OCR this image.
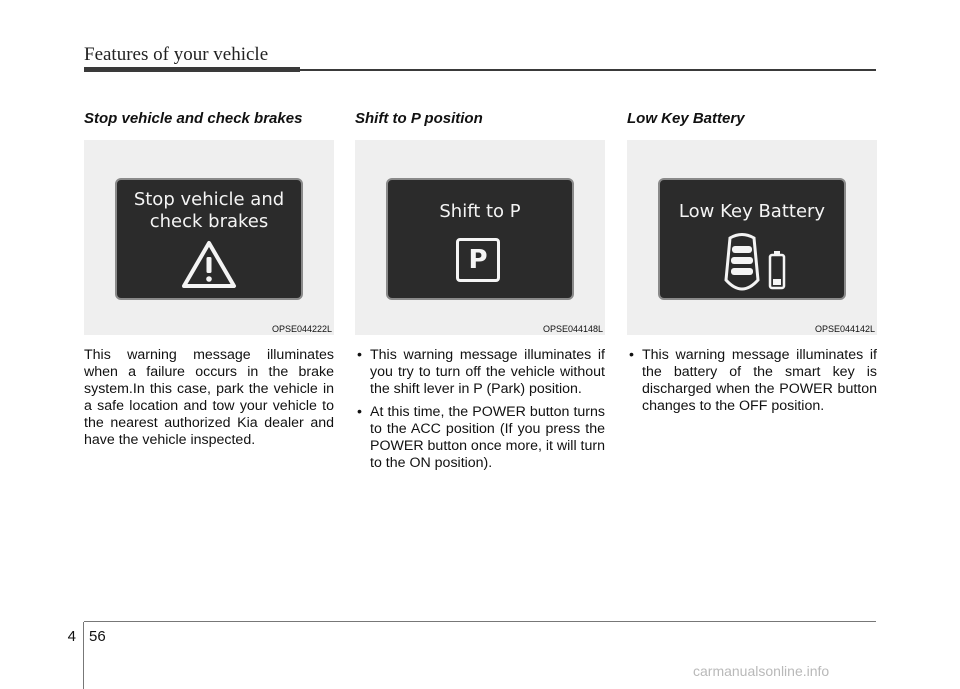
Features of your vehicle
Stop vehicle and check brakes
Stop vehicle and
check brakes
OPSE044222L
This warning message illuminates when a failure occurs in the brake system.In this case, park the vehicle in a safe location and tow your vehicle to the nearest authorized Kia dealer and have the vehicle inspected.
Shift to P position
Shift to P
P
OPSE044148L
• This warning message illuminates if you try to turn off the vehicle without the shift lever in P (Park) position.
• At this time, the POWER button turns to the ACC position (If you press the POWER button once more, it will turn to the ON position).
Low Key Battery
Low Key Battery
OPSE044142L
• This warning message illuminates if the battery of the smart key is discharged when the POWER button changes to the OFF position.
4 56
carmanualsonline.info
